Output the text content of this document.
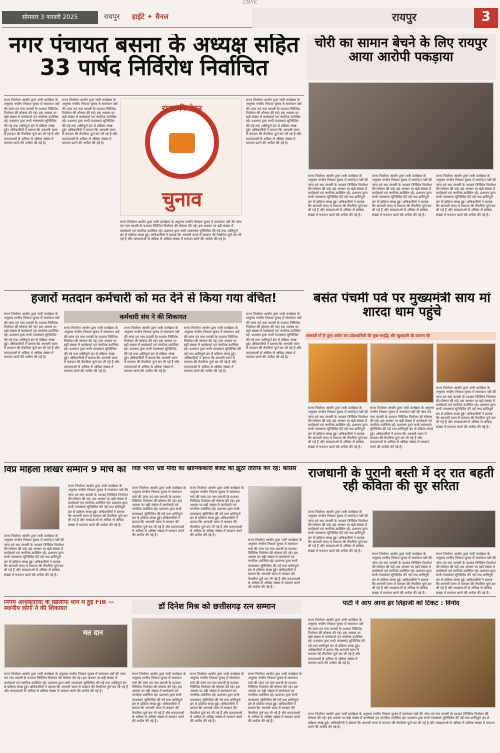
CMYK
सोमवार 3 फरवरी 2025	रायपुर हाईटे ✦ चैनल	रायपुर	3
नगर पंचायत बसना के अध्यक्ष सहित 33 पार्षद निर्विरोध निर्वाचित
राज्य निर्वाचन आयोग द्वारा जारी कार्यक्रम के अनुसार नगरीय निकाय चुनाव में नामांकन पत्रों की जांच एवं नाम वापसी के पश्चात निर्विरोध निर्वाचन की घोषणा की गई। इस अवसर पर बड़ी संख्या में कार्यकर्ता एवं नागरिक उपस्थित रहे। प्रशासन द्वारा सभी व्यवस्थाएं सुनिश्चित की गईं तथा शांतिपूर्ण ढंग से प्रक्रिया संपन्न हुई। अधिकारियों ने बताया कि आगामी चरण में मतदान की तैयारियां पूर्ण कर ली गई हैं और मतदाताओं से अधिक से अधिक संख्या में मतदान करने की अपील की गई है।
राज्य निर्वाचन आयोग द्वारा जारी कार्यक्रम के अनुसार नगरीय निकाय चुनाव में नामांकन पत्रों की जांच एवं नाम वापसी के पश्चात निर्विरोध निर्वाचन की घोषणा की गई। इस अवसर पर बड़ी संख्या में कार्यकर्ता एवं नागरिक उपस्थित रहे। प्रशासन द्वारा सभी व्यवस्थाएं सुनिश्चित की गईं तथा शांतिपूर्ण ढंग से प्रक्रिया संपन्न हुई। अधिकारियों ने बताया कि आगामी चरण में मतदान की तैयारियां पूर्ण कर ली गई हैं और मतदाताओं से अधिक से अधिक संख्या में मतदान करने की अपील की गई है।
राज्य निर्वाचन
चुनाव
राज्य निर्वाचन आयोग द्वारा जारी कार्यक्रम के अनुसार नगरीय निकाय चुनाव में नामांकन पत्रों की जांच एवं नाम वापसी के पश्चात निर्विरोध निर्वाचन की घोषणा की गई। इस अवसर पर बड़ी संख्या में कार्यकर्ता एवं नागरिक उपस्थित रहे। प्रशासन द्वारा सभी व्यवस्थाएं सुनिश्चित की गईं तथा शांतिपूर्ण ढंग से प्रक्रिया संपन्न हुई। अधिकारियों ने बताया कि आगामी चरण में मतदान की तैयारियां पूर्ण कर ली गई हैं और मतदाताओं से अधिक से अधिक संख्या में मतदान करने की अपील की गई है।
राज्य निर्वाचन आयोग द्वारा जारी कार्यक्रम के अनुसार नगरीय निकाय चुनाव में नामांकन पत्रों की जांच एवं नाम वापसी के पश्चात निर्विरोध निर्वाचन की घोषणा की गई। इस अवसर पर बड़ी संख्या में कार्यकर्ता एवं नागरिक उपस्थित रहे। प्रशासन द्वारा सभी व्यवस्थाएं सुनिश्चित की गईं तथा शांतिपूर्ण ढंग से प्रक्रिया संपन्न हुई। अधिकारियों ने बताया कि आगामी चरण में मतदान की तैयारियां पूर्ण कर ली गई हैं और मतदाताओं से अधिक से अधिक संख्या में मतदान करने की अपील की गई है।
चोरी का सामान बेचने के लिए रायपुर आया आरोपी पकड़ाया
राज्य निर्वाचन आयोग द्वारा जारी कार्यक्रम के अनुसार नगरीय निकाय चुनाव में नामांकन पत्रों की जांच एवं नाम वापसी के पश्चात निर्विरोध निर्वाचन की घोषणा की गई। इस अवसर पर बड़ी संख्या में कार्यकर्ता एवं नागरिक उपस्थित रहे। प्रशासन द्वारा सभी व्यवस्थाएं सुनिश्चित की गईं तथा शांतिपूर्ण ढंग से प्रक्रिया संपन्न हुई। अधिकारियों ने बताया कि आगामी चरण में मतदान की तैयारियां पूर्ण कर ली गई हैं और मतदाताओं से अधिक से अधिक संख्या में मतदान करने की अपील की गई है।
राज्य निर्वाचन आयोग द्वारा जारी कार्यक्रम के अनुसार नगरीय निकाय चुनाव में नामांकन पत्रों की जांच एवं नाम वापसी के पश्चात निर्विरोध निर्वाचन की घोषणा की गई। इस अवसर पर बड़ी संख्या में कार्यकर्ता एवं नागरिक उपस्थित रहे। प्रशासन द्वारा सभी व्यवस्थाएं सुनिश्चित की गईं तथा शांतिपूर्ण ढंग से प्रक्रिया संपन्न हुई। अधिकारियों ने बताया कि आगामी चरण में मतदान की तैयारियां पूर्ण कर ली गई हैं और मतदाताओं से अधिक से अधिक संख्या में मतदान करने की अपील की गई है।
राज्य निर्वाचन आयोग द्वारा जारी कार्यक्रम के अनुसार नगरीय निकाय चुनाव में नामांकन पत्रों की जांच एवं नाम वापसी के पश्चात निर्विरोध निर्वाचन की घोषणा की गई। इस अवसर पर बड़ी संख्या में कार्यकर्ता एवं नागरिक उपस्थित रहे। प्रशासन द्वारा सभी व्यवस्थाएं सुनिश्चित की गईं तथा शांतिपूर्ण ढंग से प्रक्रिया संपन्न हुई। अधिकारियों ने बताया कि आगामी चरण में मतदान की तैयारियां पूर्ण कर ली गई हैं और मतदाताओं से अधिक से अधिक संख्या में मतदान करने की अपील की गई है।
हजारों मतदान कर्मचारी को मत देने से किया गया वंचित!
राज्य निर्वाचन आयोग द्वारा जारी कार्यक्रम के अनुसार नगरीय निकाय चुनाव में नामांकन पत्रों की जांच एवं नाम वापसी के पश्चात निर्विरोध निर्वाचन की घोषणा की गई। इस अवसर पर बड़ी संख्या में कार्यकर्ता एवं नागरिक उपस्थित रहे। प्रशासन द्वारा सभी व्यवस्थाएं सुनिश्चित की गईं तथा शांतिपूर्ण ढंग से प्रक्रिया संपन्न हुई। अधिकारियों ने बताया कि आगामी चरण में मतदान की तैयारियां पूर्ण कर ली गई हैं और मतदाताओं से अधिक से अधिक संख्या में मतदान करने की अपील की गई है।
कर्मचारी संघ ने की शिकायत
राज्य निर्वाचन आयोग द्वारा जारी कार्यक्रम के अनुसार नगरीय निकाय चुनाव में नामांकन पत्रों की जांच एवं नाम वापसी के पश्चात निर्विरोध निर्वाचन की घोषणा की गई। इस अवसर पर बड़ी संख्या में कार्यकर्ता एवं नागरिक उपस्थित रहे। प्रशासन द्वारा सभी व्यवस्थाएं सुनिश्चित की गईं तथा शांतिपूर्ण ढंग से प्रक्रिया संपन्न हुई। अधिकारियों ने बताया कि आगामी चरण में मतदान की तैयारियां पूर्ण कर ली गई हैं और मतदाताओं से अधिक से अधिक संख्या में मतदान करने की अपील की गई है।
राज्य निर्वाचन आयोग द्वारा जारी कार्यक्रम के अनुसार नगरीय निकाय चुनाव में नामांकन पत्रों की जांच एवं नाम वापसी के पश्चात निर्विरोध निर्वाचन की घोषणा की गई। इस अवसर पर बड़ी संख्या में कार्यकर्ता एवं नागरिक उपस्थित रहे। प्रशासन द्वारा सभी व्यवस्थाएं सुनिश्चित की गईं तथा शांतिपूर्ण ढंग से प्रक्रिया संपन्न हुई। अधिकारियों ने बताया कि आगामी चरण में मतदान की तैयारियां पूर्ण कर ली गई हैं और मतदाताओं से अधिक से अधिक संख्या में मतदान करने की अपील की गई है।
राज्य निर्वाचन आयोग द्वारा जारी कार्यक्रम के अनुसार नगरीय निकाय चुनाव में नामांकन पत्रों की जांच एवं नाम वापसी के पश्चात निर्विरोध निर्वाचन की घोषणा की गई। इस अवसर पर बड़ी संख्या में कार्यकर्ता एवं नागरिक उपस्थित रहे। प्रशासन द्वारा सभी व्यवस्थाएं सुनिश्चित की गईं तथा शांतिपूर्ण ढंग से प्रक्रिया संपन्न हुई। अधिकारियों ने बताया कि आगामी चरण में मतदान की तैयारियां पूर्ण कर ली गई हैं और मतदाताओं से अधिक से अधिक संख्या में मतदान करने की अपील की गई है।
राज्य निर्वाचन आयोग द्वारा जारी कार्यक्रम के अनुसार नगरीय निकाय चुनाव में नामांकन पत्रों की जांच एवं नाम वापसी के पश्चात निर्विरोध निर्वाचन की घोषणा की गई। इस अवसर पर बड़ी संख्या में कार्यकर्ता एवं नागरिक उपस्थित रहे। प्रशासन द्वारा सभी व्यवस्थाएं सुनिश्चित की गईं तथा शांतिपूर्ण ढंग से प्रक्रिया संपन्न हुई। अधिकारियों ने बताया कि आगामी चरण में मतदान की तैयारियां पूर्ण कर ली गई हैं और मतदाताओं से अधिक से अधिक संख्या में मतदान करने की अपील की गई है।
बसंत पंचमी पर्व पर मुख्यमंत्री साय मां शारदा धाम पहुंचे
सरस्वती माँ से पूजा अर्चना कर प्रदेशवासियों की सुख-समृद्धि और खुशहाली की कामना की
राज्य निर्वाचन आयोग द्वारा जारी कार्यक्रम के अनुसार नगरीय निकाय चुनाव में नामांकन पत्रों की जांच एवं नाम वापसी के पश्चात निर्विरोध निर्वाचन की घोषणा की गई। इस अवसर पर बड़ी संख्या में कार्यकर्ता एवं नागरिक उपस्थित रहे। प्रशासन द्वारा सभी व्यवस्थाएं सुनिश्चित की गईं तथा शांतिपूर्ण ढंग से प्रक्रिया संपन्न हुई। अधिकारियों ने बताया कि आगामी चरण में मतदान की तैयारियां पूर्ण कर ली गई हैं और मतदाताओं से अधिक से अधिक संख्या में मतदान करने की अपील की गई है।
राज्य निर्वाचन आयोग द्वारा जारी कार्यक्रम के अनुसार नगरीय निकाय चुनाव में नामांकन पत्रों की जांच एवं नाम वापसी के पश्चात निर्विरोध निर्वाचन की घोषणा की गई। इस अवसर पर बड़ी संख्या में कार्यकर्ता एवं नागरिक उपस्थित रहे। प्रशासन द्वारा सभी व्यवस्थाएं सुनिश्चित की गईं तथा शांतिपूर्ण ढंग से प्रक्रिया संपन्न हुई। अधिकारियों ने बताया कि आगामी चरण में मतदान की तैयारियां पूर्ण कर ली गई हैं और मतदाताओं से अधिक से अधिक संख्या में मतदान करने की अपील की गई है।
राज्य निर्वाचन आयोग द्वारा जारी कार्यक्रम के अनुसार नगरीय निकाय चुनाव में नामांकन पत्रों की जांच एवं नाम वापसी के पश्चात निर्विरोध निर्वाचन की घोषणा की गई। इस अवसर पर बड़ी संख्या में कार्यकर्ता एवं नागरिक उपस्थित रहे। प्रशासन द्वारा सभी व्यवस्थाएं सुनिश्चित की गईं तथा शांतिपूर्ण ढंग से प्रक्रिया संपन्न हुई। अधिकारियों ने बताया कि आगामी चरण में मतदान की तैयारियां पूर्ण कर ली गई हैं और मतदाताओं से अधिक से अधिक संख्या में मतदान करने की अपील की गई है।
विप्र महिला शिखर सम्मान 9 मार्च को
राज्य निर्वाचन आयोग द्वारा जारी कार्यक्रम के अनुसार नगरीय निकाय चुनाव में नामांकन पत्रों की जांच एवं नाम वापसी के पश्चात निर्विरोध निर्वाचन की घोषणा की गई। इस अवसर पर बड़ी संख्या में कार्यकर्ता एवं नागरिक उपस्थित रहे। प्रशासन द्वारा सभी व्यवस्थाएं सुनिश्चित की गईं तथा शांतिपूर्ण ढंग से प्रक्रिया संपन्न हुई। अधिकारियों ने बताया कि आगामी चरण में मतदान की तैयारियां पूर्ण कर ली गई हैं और मतदाताओं से अधिक से अधिक संख्या में मतदान करने की अपील की गई है।
राज्य निर्वाचन आयोग द्वारा जारी कार्यक्रम के अनुसार नगरीय निकाय चुनाव में नामांकन पत्रों की जांच एवं नाम वापसी के पश्चात निर्विरोध निर्वाचन की घोषणा की गई। इस अवसर पर बड़ी संख्या में कार्यकर्ता एवं नागरिक उपस्थित रहे। प्रशासन द्वारा सभी व्यवस्थाएं सुनिश्चित की गईं तथा शांतिपूर्ण ढंग से प्रक्रिया संपन्न हुई। अधिकारियों ने बताया कि आगामी चरण में मतदान की तैयारियां पूर्ण कर ली गई हैं और मतदाताओं से अधिक से अधिक संख्या में मतदान करने की अपील की गई है।
विज्ञ भारत भ्रष्ट मोदी का खानिककारी बेंजट की झूठी तारीफ कर रहे: कांग्रेस
राज्य निर्वाचन आयोग द्वारा जारी कार्यक्रम के अनुसार नगरीय निकाय चुनाव में नामांकन पत्रों की जांच एवं नाम वापसी के पश्चात निर्विरोध निर्वाचन की घोषणा की गई। इस अवसर पर बड़ी संख्या में कार्यकर्ता एवं नागरिक उपस्थित रहे। प्रशासन द्वारा सभी व्यवस्थाएं सुनिश्चित की गईं तथा शांतिपूर्ण ढंग से प्रक्रिया संपन्न हुई। अधिकारियों ने बताया कि आगामी चरण में मतदान की तैयारियां पूर्ण कर ली गई हैं और मतदाताओं से अधिक से अधिक संख्या में मतदान करने की अपील की गई है।
राज्य निर्वाचन आयोग द्वारा जारी कार्यक्रम के अनुसार नगरीय निकाय चुनाव में नामांकन पत्रों की जांच एवं नाम वापसी के पश्चात निर्विरोध निर्वाचन की घोषणा की गई। इस अवसर पर बड़ी संख्या में कार्यकर्ता एवं नागरिक उपस्थित रहे। प्रशासन द्वारा सभी व्यवस्थाएं सुनिश्चित की गईं तथा शांतिपूर्ण ढंग से प्रक्रिया संपन्न हुई। अधिकारियों ने बताया कि आगामी चरण में मतदान की तैयारियां पूर्ण कर ली गई हैं और मतदाताओं से अधिक से अधिक संख्या में मतदान करने की अपील की गई है।
राज्य निर्वाचन आयोग द्वारा जारी कार्यक्रम के अनुसार नगरीय निकाय चुनाव में नामांकन पत्रों की जांच एवं नाम वापसी के पश्चात निर्विरोध निर्वाचन की घोषणा की गई। इस अवसर पर बड़ी संख्या में कार्यकर्ता एवं नागरिक उपस्थित रहे। प्रशासन द्वारा सभी व्यवस्थाएं सुनिश्चित की गईं तथा शांतिपूर्ण ढंग से प्रक्रिया संपन्न हुई। अधिकारियों ने बताया कि आगामी चरण में मतदान की तैयारियां पूर्ण कर ली गई हैं और मतदाताओं से अधिक से अधिक संख्या में मतदान करने की अपील की गई है।
राजधानी के पुरानी बस्ती में दर रात बहती रही कविता की सुर सरिता
राज्य निर्वाचन आयोग द्वारा जारी कार्यक्रम के अनुसार नगरीय निकाय चुनाव में नामांकन पत्रों की जांच एवं नाम वापसी के पश्चात निर्विरोध निर्वाचन की घोषणा की गई। इस अवसर पर बड़ी संख्या में कार्यकर्ता एवं नागरिक उपस्थित रहे। प्रशासन द्वारा सभी व्यवस्थाएं सुनिश्चित की गईं तथा शांतिपूर्ण ढंग से प्रक्रिया संपन्न हुई। अधिकारियों ने बताया कि आगामी चरण में मतदान की तैयारियां पूर्ण कर ली गई हैं और मतदाताओं से अधिक से अधिक संख्या में मतदान करने की अपील की गई है।
राज्य निर्वाचन आयोग द्वारा जारी कार्यक्रम के अनुसार नगरीय निकाय चुनाव में नामांकन पत्रों की जांच एवं नाम वापसी के पश्चात निर्विरोध निर्वाचन की घोषणा की गई। इस अवसर पर बड़ी संख्या में कार्यकर्ता एवं नागरिक उपस्थित रहे। प्रशासन द्वारा सभी व्यवस्थाएं सुनिश्चित की गईं तथा शांतिपूर्ण ढंग से प्रक्रिया संपन्न हुई। अधिकारियों ने बताया कि आगामी चरण में मतदान की तैयारियां पूर्ण कर ली गई हैं और मतदाताओं से अधिक से अधिक संख्या में मतदान करने की अपील की गई है।
राज्य निर्वाचन आयोग द्वारा जारी कार्यक्रम के अनुसार नगरीय निकाय चुनाव में नामांकन पत्रों की जांच एवं नाम वापसी के पश्चात निर्विरोध निर्वाचन की घोषणा की गई। इस अवसर पर बड़ी संख्या में कार्यकर्ता एवं नागरिक उपस्थित रहे। प्रशासन द्वारा सभी व्यवस्थाएं सुनिश्चित की गईं तथा शांतिपूर्ण ढंग से प्रक्रिया संपन्न हुई। अधिकारियों ने बताया कि आगामी चरण में मतदान की तैयारियां पूर्ण कर ली गई हैं और मतदाताओं से अधिक से अधिक संख्या में मतदान करने की अपील की गई है।
निगम अधिकारियों के खिलाफ थाने में हुई FIR — स्थानीय लोगों ने की शिकायत
मत दान
राज्य निर्वाचन आयोग द्वारा जारी कार्यक्रम के अनुसार नगरीय निकाय चुनाव में नामांकन पत्रों की जांच एवं नाम वापसी के पश्चात निर्विरोध निर्वाचन की घोषणा की गई। इस अवसर पर बड़ी संख्या में कार्यकर्ता एवं नागरिक उपस्थित रहे। प्रशासन द्वारा सभी व्यवस्थाएं सुनिश्चित की गईं तथा शांतिपूर्ण ढंग से प्रक्रिया संपन्न हुई। अधिकारियों ने बताया कि आगामी चरण में मतदान की तैयारियां पूर्ण कर ली गई हैं और मतदाताओं से अधिक से अधिक संख्या में मतदान करने की अपील की गई है।
डॉ दिनेश मिश्र को छत्तीसगढ़ रत्न सम्मान
राज्य निर्वाचन आयोग द्वारा जारी कार्यक्रम के अनुसार नगरीय निकाय चुनाव में नामांकन पत्रों की जांच एवं नाम वापसी के पश्चात निर्विरोध निर्वाचन की घोषणा की गई। इस अवसर पर बड़ी संख्या में कार्यकर्ता एवं नागरिक उपस्थित रहे। प्रशासन द्वारा सभी व्यवस्थाएं सुनिश्चित की गईं तथा शांतिपूर्ण ढंग से प्रक्रिया संपन्न हुई। अधिकारियों ने बताया कि आगामी चरण में मतदान की तैयारियां पूर्ण कर ली गई हैं और मतदाताओं से अधिक से अधिक संख्या में मतदान करने की अपील की गई है।
राज्य निर्वाचन आयोग द्वारा जारी कार्यक्रम के अनुसार नगरीय निकाय चुनाव में नामांकन पत्रों की जांच एवं नाम वापसी के पश्चात निर्विरोध निर्वाचन की घोषणा की गई। इस अवसर पर बड़ी संख्या में कार्यकर्ता एवं नागरिक उपस्थित रहे। प्रशासन द्वारा सभी व्यवस्थाएं सुनिश्चित की गईं तथा शांतिपूर्ण ढंग से प्रक्रिया संपन्न हुई। अधिकारियों ने बताया कि आगामी चरण में मतदान की तैयारियां पूर्ण कर ली गई हैं और मतदाताओं से अधिक से अधिक संख्या में मतदान करने की अपील की गई है।
राज्य निर्वाचन आयोग द्वारा जारी कार्यक्रम के अनुसार नगरीय निकाय चुनाव में नामांकन पत्रों की जांच एवं नाम वापसी के पश्चात निर्विरोध निर्वाचन की घोषणा की गई। इस अवसर पर बड़ी संख्या में कार्यकर्ता एवं नागरिक उपस्थित रहे। प्रशासन द्वारा सभी व्यवस्थाएं सुनिश्चित की गईं तथा शांतिपूर्ण ढंग से प्रक्रिया संपन्न हुई। अधिकारियों ने बताया कि आगामी चरण में मतदान की तैयारियां पूर्ण कर ली गई हैं और मतदाताओं से अधिक से अधिक संख्या में मतदान करने की अपील की गई है।
पार्टी ने आप आना हर लिहाजी को टिकट : विनोद
राज्य निर्वाचन आयोग द्वारा जारी कार्यक्रम के अनुसार नगरीय निकाय चुनाव में नामांकन पत्रों की जांच एवं नाम वापसी के पश्चात निर्विरोध निर्वाचन की घोषणा की गई। इस अवसर पर बड़ी संख्या में कार्यकर्ता एवं नागरिक उपस्थित रहे। प्रशासन द्वारा सभी व्यवस्थाएं सुनिश्चित की गईं तथा शांतिपूर्ण ढंग से प्रक्रिया संपन्न हुई। अधिकारियों ने बताया कि आगामी चरण में मतदान की तैयारियां पूर्ण कर ली गई हैं और मतदाताओं से अधिक से अधिक संख्या में मतदान करने की अपील की गई है।
राज्य निर्वाचन आयोग द्वारा जारी कार्यक्रम के अनुसार नगरीय निकाय चुनाव में नामांकन पत्रों की जांच एवं नाम वापसी के पश्चात निर्विरोध निर्वाचन की घोषणा की गई। इस अवसर पर बड़ी संख्या में कार्यकर्ता एवं नागरिक उपस्थित रहे। प्रशासन द्वारा सभी व्यवस्थाएं सुनिश्चित की गईं तथा शांतिपूर्ण ढंग से प्रक्रिया संपन्न हुई। अधिकारियों ने बताया कि आगामी चरण में मतदान की तैयारियां पूर्ण कर ली गई हैं और मतदाताओं से अधिक से अधिक संख्या में मतदान करने की अपील की गई है।
